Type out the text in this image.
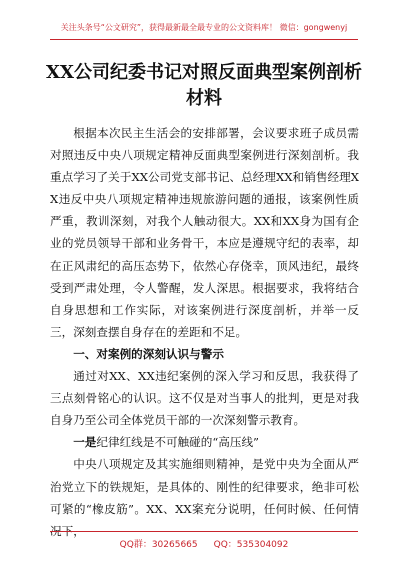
关注头条号“公文研究”，获得最新最全最专业的公文资料库！ 微信：gongwenyj
XX公司纪委书记对照反面典型案例剖析材料

根据本次民主生活会的安排部署，会议要求班子成员需对照违反中央八项规定精神反面典型案例进行深刻剖析。我重点学习了关于XX公司党支部书记、总经理XX和销售经理XX违反中央八项规定精神违规旅游问题的通报，该案例性质严重，教训深刻，对我个人触动很大。XX和XX身为国有企业的党员领导干部和业务骨干，本应是遵规守纪的表率，却在正风肃纪的高压态势下，依然心存侥幸，顶风违纪，最终受到严肃处理，令人警醒，发人深思。根据要求，我将结合自身思想和工作实际，对该案例进行深度剖析，并举一反三，深刻查摆自身存在的差距和不足。

一、对案例的深刻认识与警示

通过对XX、XX违纪案例的深入学习和反思，我获得了三点刻骨铭心的认识。这不仅是对当事人的批判，更是对我自身乃至公司全体党员干部的一次深刻警示教育。

一是纪律红线是不可触碰的“高压线”

中央八项规定及其实施细则精神，是党中央为全面从严治党立下的铁规矩，是具体的、刚性的纪律要求，绝非可松可紧的“橡皮筋”。XX、XX案充分说明，任何时候、任何情况下，

QQ群：30265665 QQ：535304092
